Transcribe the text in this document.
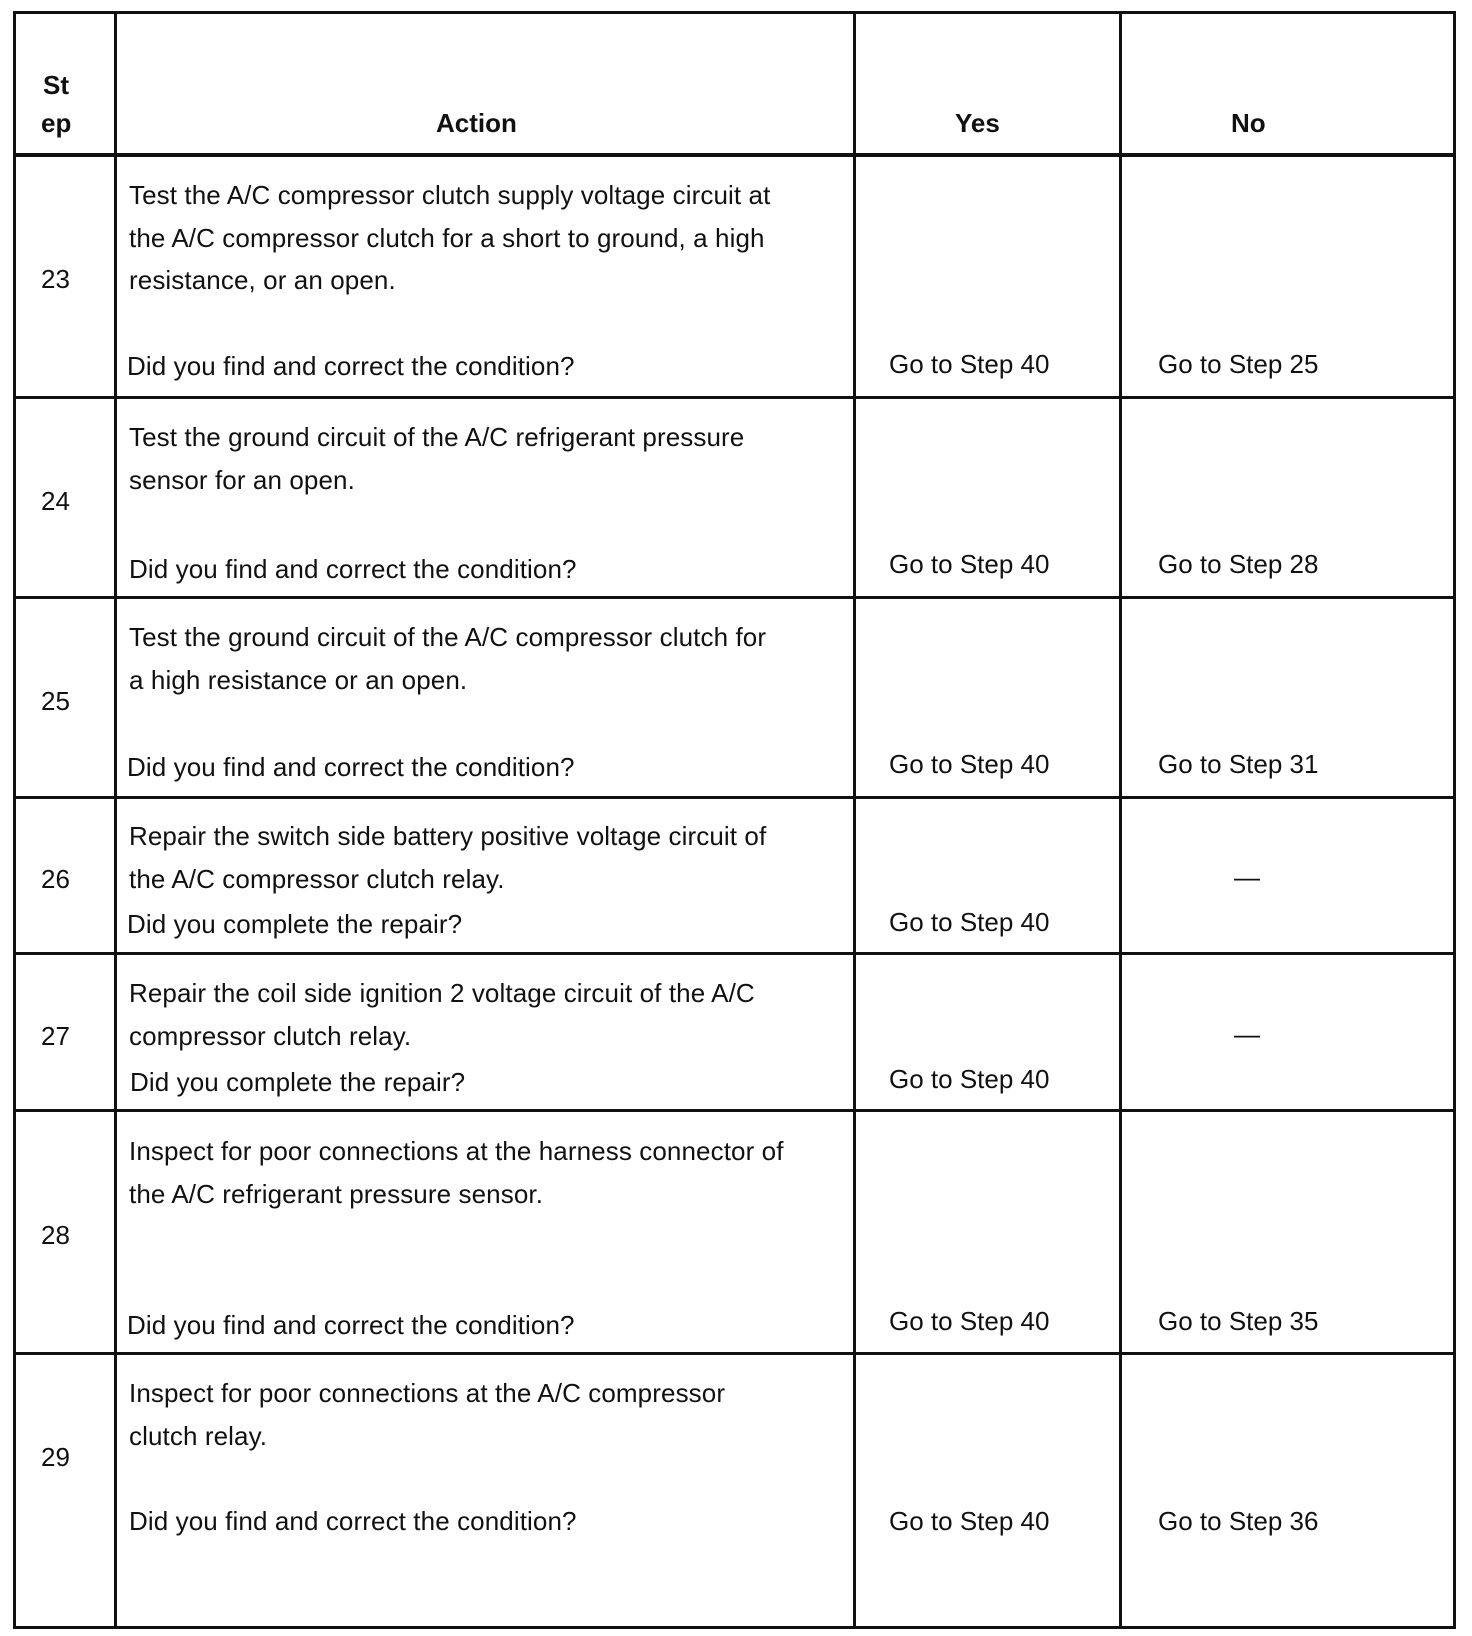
St
ep	Action	Yes	No
23
Test the A/C compressor clutch supply voltage circuit at
the A/C compressor clutch for a short to ground, a high
resistance, or an open.
Did you find and correct the condition?	Go to Step 40	Go to Step 25
24
Test the ground circuit of the A/C refrigerant pressure
sensor for an open.
Did you find and correct the condition?	Go to Step 40	Go to Step 28
25
Test the ground circuit of the A/C compressor clutch for
a high resistance or an open.
Did you find and correct the condition?	Go to Step 40	Go to Step 31
26
Repair the switch side battery positive voltage circuit of
the A/C compressor clutch relay.
Did you complete the repair?	Go to Step 40
—
27
Repair the coil side ignition 2 voltage circuit of the A/C
compressor clutch relay.
Did you complete the repair?	Go to Step 40
—
28
Inspect for poor connections at the harness connector of
the A/C refrigerant pressure sensor.
Did you find and correct the condition?	Go to Step 40	Go to Step 35
29
Inspect for poor connections at the A/C compressor
clutch relay.
Did you find and correct the condition?	Go to Step 40	Go to Step 36
